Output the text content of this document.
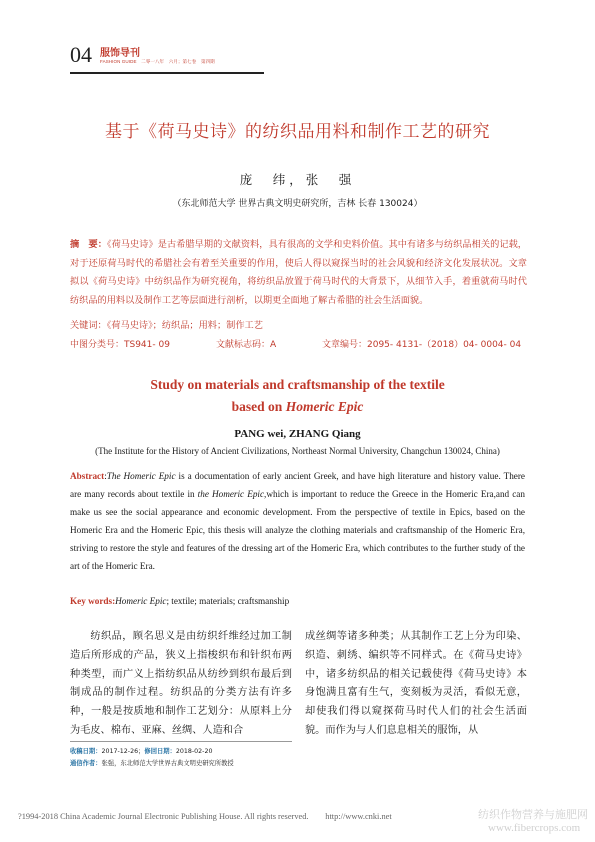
04 服饰导刊
FASHION GUIDE　二零一八年　六月；第七卷　第四期
基于《荷马史诗》的纺织品用料和制作工艺的研究
庞　纬，张　强
（东北师范大学 世界古典文明史研究所，吉林 长春 130024）
摘　要：《荷马史诗》是古希腊早期的文献资料，具有很高的文学和史料价值。其中有诸多与纺织品相关的记载，对于还原荷马时代的希腊社会有着至关重要的作用，使后人得以窥探当时的社会风貌和经济文化发展状况。文章拟以《荷马史诗》中纺织品作为研究视角，将纺织品放置于荷马时代的大背景下，从细节入手，着重就荷马时代纺织品的用料以及制作工艺等层面进行剖析，以期更全面地了解古希腊的社会生活面貌。
关键词：《荷马史诗》；纺织品；用料；制作工艺
中图分类号：TS941- 09	文献标志码：A	文章编号：2095- 4131-（2018）04- 0004- 04
Study on materials and craftsmanship of the textile
based on Homeric Epic
PANG wei, ZHANG Qiang
(The Institute for the History of Ancient Civilizations, Northeast Normal University, Changchun 130024, China)
Abstract:The Homeric Epic is a documentation of early ancient Greek, and have high literature and history value. There are many records about textile in the Homeric Epic,which is important to reduce the Greece in the Homeric Era,and can make us see the social appearance and economic development. From the perspective of textile in Epics, based on the Homeric Era and the Homeric Epic, this thesis will analyze the clothing materials and craftsmanship of the Homeric Era, striving to restore the style and features of the dressing art of the Homeric Era, which contributes to the further study of the art of the Homeric Era.
Key words:Homeric Epic; textile; materials; craftsmanship
纺织品，顾名思义是由纺织纤维经过加工制造后所形成的产品，狭义上指梭织布和针织布两种类型，而广义上指纺织品从纺纱到织布最后到制成品的制作过程。纺织品的分类方法有许多种，一般是按质地和制作工艺划分：从原料上分为毛皮、棉布、亚麻、丝绸、人造和合
成丝绸等诸多种类；从其制作工艺上分为印染、织造、刺绣、编织等不同样式。在《荷马史诗》中，诸多纺织品的相关记载使得《荷马史诗》本身饱满且富有生气，变刻板为灵活，看似无意，却使我们得以窥探荷马时代人们的社会生活面貌。而作为与人们息息相关的服饰，从
收稿日期：2017-12-26；修回日期：2018-02-20
通信作者：张强，东北师范大学世界古典文明史研究所教授
?1994-2018 China Academic Journal Electronic Publishing House. All rights reserved.　　http://www.cnki.net	纺织作物营养与施肥网
www.fibercrops.com
